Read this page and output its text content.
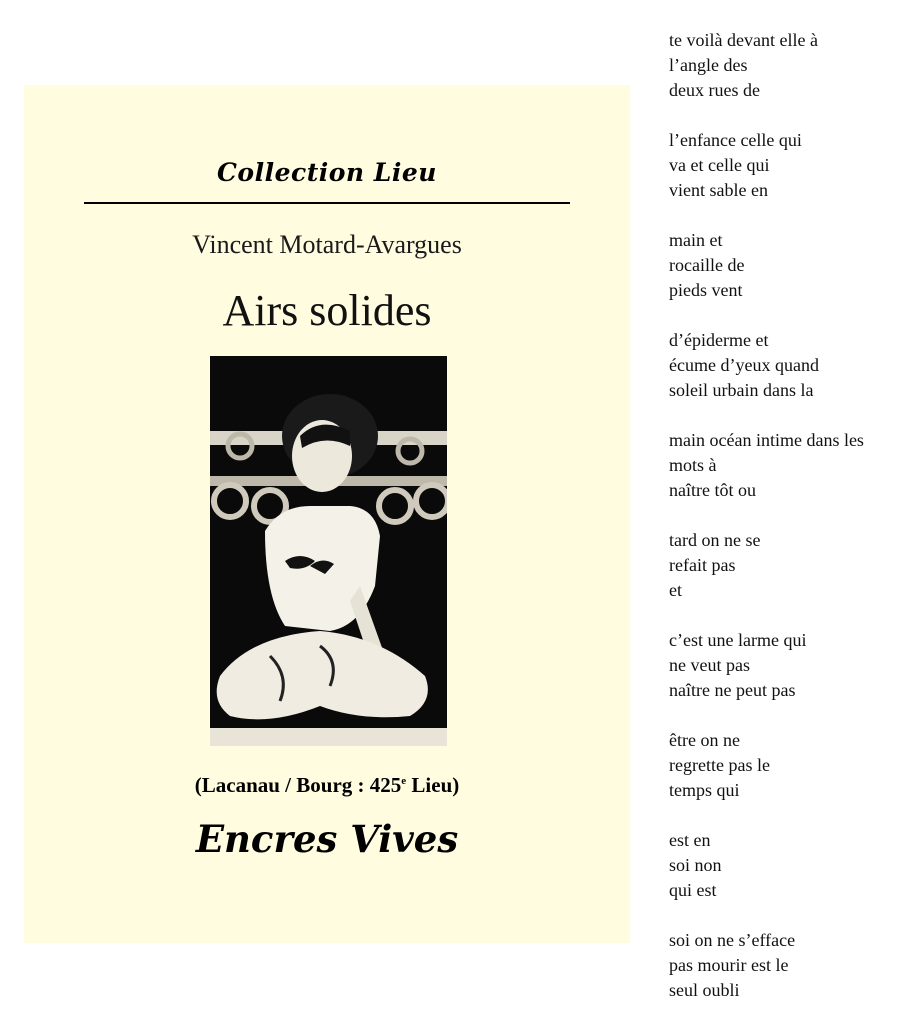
Collection Lieu

Vincent Motard-Avargues

Airs solides

(Lacanau / Bourg : 425e Lieu)

Encres Vives

te voilà devant elle à
l’angle des
deux rues de
l’enfance celle qui
va et celle qui
vient sable en
main et
rocaille de
pieds vent
d’épiderme et
écume d’yeux quand
soleil urbain dans la
main océan intime dans les
mots à
naître tôt ou
tard on ne se
refait pas
et
c’est une larme qui
ne veut pas
naître ne peut pas
être on ne
regrette pas le
temps qui
est en
soi non
qui est
soi on ne s’efface
pas mourir est le
seul oubli
